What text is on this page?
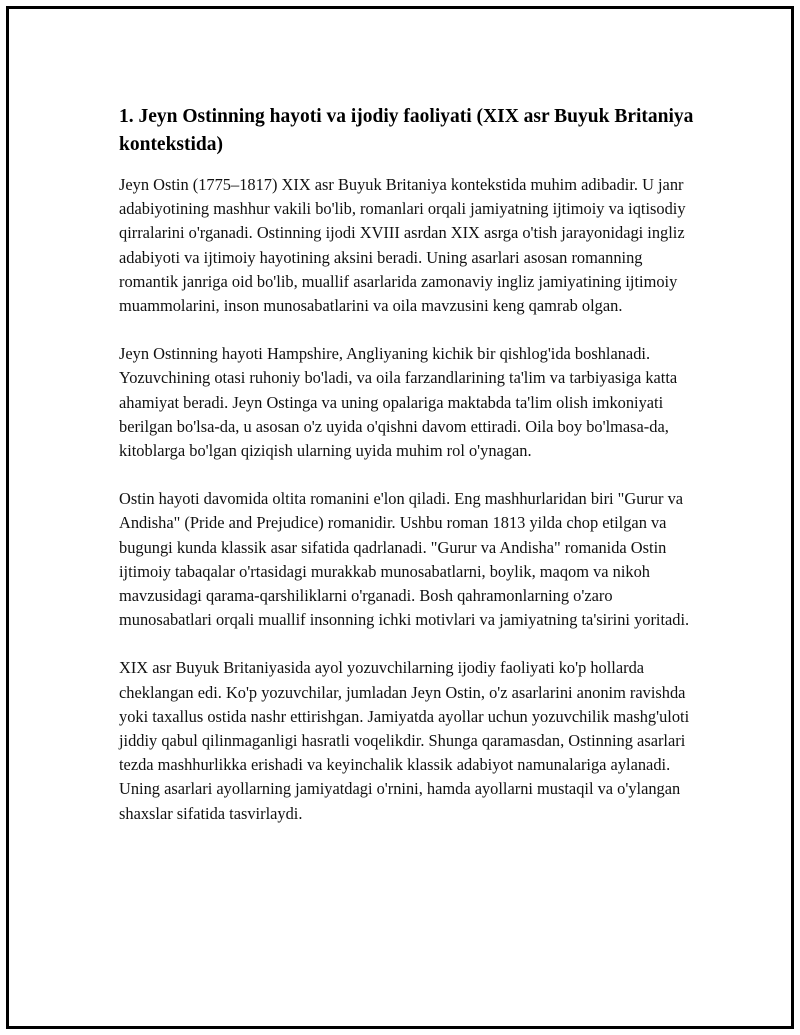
1. Jeyn Ostinning hayoti va ijodiy faoliyati (XIX asr Buyuk Britaniya kontekstida)

Jeyn Ostin (1775–1817) XIX asr Buyuk Britaniya kontekstida muhim adibadir. U janr adabiyotining mashhur vakili bo'lib, romanlari orqali jamiyatning ijtimoiy va iqtisodiy qirralarini o'rganadi. Ostinning ijodi XVIII asrdan XIX asrga o'tish jarayonidagi ingliz adabiyoti va ijtimoiy hayotining aksini beradi. Uning asarlari asosan romanning romantik janriga oid bo'lib, muallif asarlarida zamonaviy ingliz jamiyatining ijtimoiy muammolarini, inson munosabatlarini va oila mavzusini keng qamrab olgan.

Jeyn Ostinning hayoti Hampshire, Angliyaning kichik bir qishlog'ida boshlanadi. Yozuvchining otasi ruhoniy bo'ladi, va oila farzandlarining ta'lim va tarbiyasiga katta ahamiyat beradi. Jeyn Ostinga va uning opalariga maktabda ta'lim olish imkoniyati berilgan bo'lsa-da, u asosan o'z uyida o'qishni davom ettiradi. Oila boy bo'lmasa-da, kitoblarga bo'lgan qiziqish ularning uyida muhim rol o'ynagan.

Ostin hayoti davomida oltita romanini e'lon qiladi. Eng mashhurlaridan biri "Gurur va Andisha" (Pride and Prejudice) romanidir. Ushbu roman 1813 yilda chop etilgan va bugungi kunda klassik asar sifatida qadrlanadi. "Gurur va Andisha" romanida Ostin ijtimoiy tabaqalar o'rtasidagi murakkab munosabatlarni, boylik, maqom va nikoh mavzusidagi qarama-qarshiliklarni o'rganadi. Bosh qahramonlarning o'zaro munosabatlari orqali muallif insonning ichki motivlari va jamiyatning ta'sirini yoritadi.

XIX asr Buyuk Britaniyasida ayol yozuvchilarning ijodiy faoliyati ko'p hollarda cheklangan edi. Ko'p yozuvchilar, jumladan Jeyn Ostin, o'z asarlarini anonim ravishda yoki taxallus ostida nashr ettirishgan. Jamiyatda ayollar uchun yozuvchilik mashg'uloti jiddiy qabul qilinmaganligi hasratli voqelikdir. Shunga qaramasdan, Ostinning asarlari tezda mashhurlikka erishadi va keyinchalik klassik adabiyot namunalariga aylanadi. Uning asarlari ayollarning jamiyatdagi o'rnini, hamda ayollarni mustaqil va o'ylangan shaxslar sifatida tasvirlaydi.
